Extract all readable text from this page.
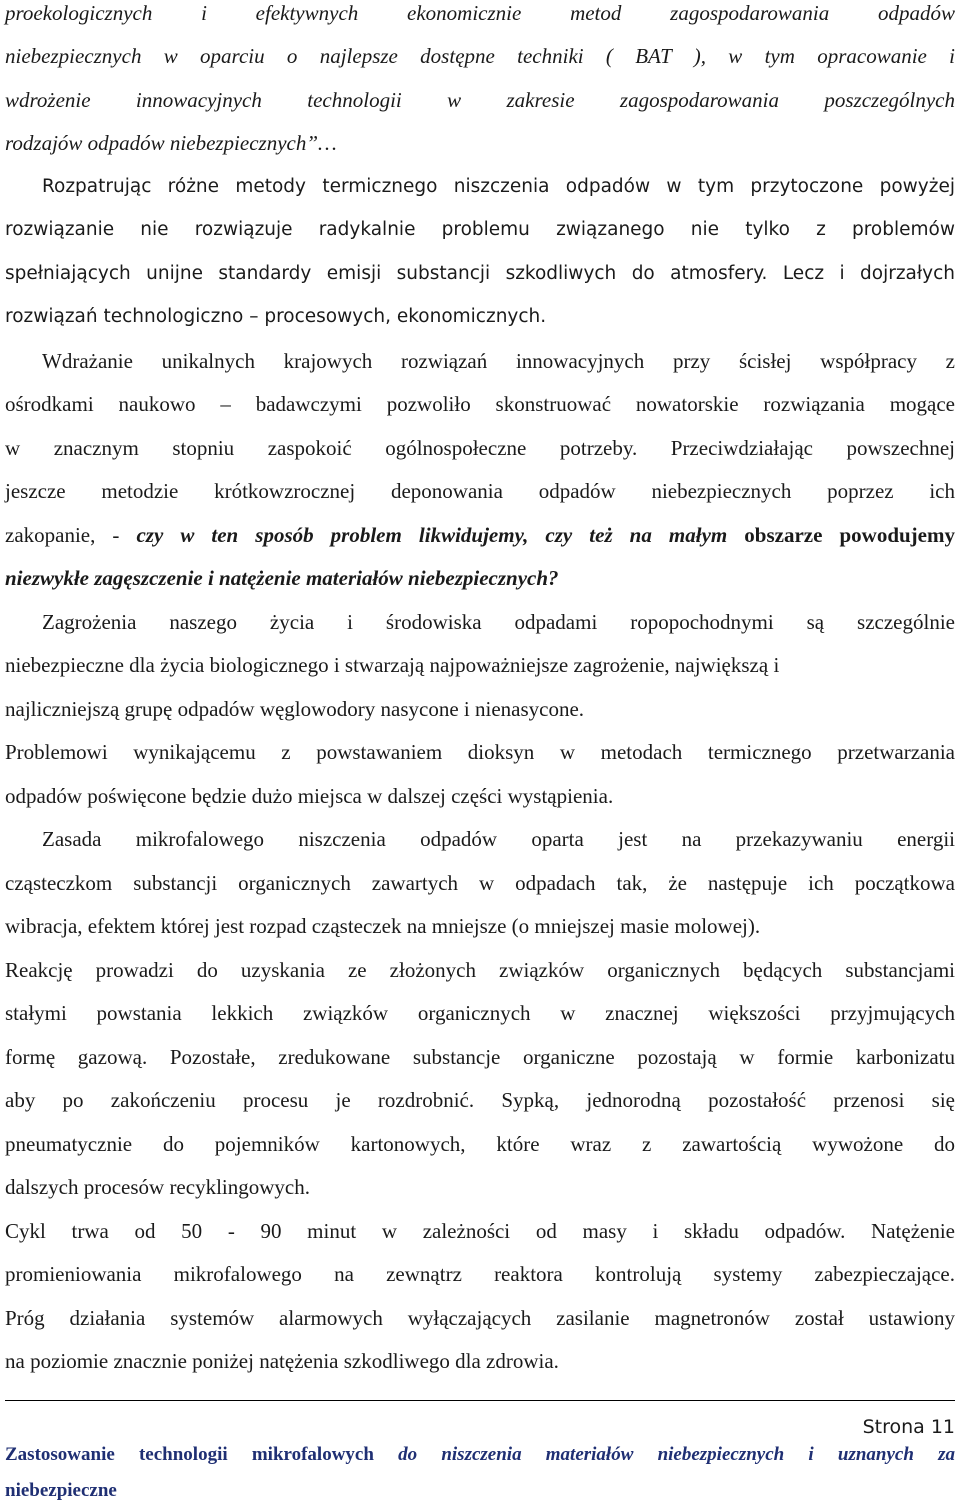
proekologicznych i efektywnych ekonomicznie metod zagospodarowania odpadów
niebezpiecznych w oparciu o najlepsze dostępne techniki ( BAT ), w tym opracowanie i
wdrożenie innowacyjnych technologii w zakresie zagospodarowania poszczególnych
rodzajów odpadów niebezpiecznych”…
Rozpatrując różne metody termicznego niszczenia odpadów w tym przytoczone powyżej
rozwiązanie nie rozwiązuje radykalnie problemu związanego nie tylko z problemów
spełniających unijne standardy emisji substancji szkodliwych do atmosfery. Lecz i dojrzałych
rozwiązań technologiczno – procesowych, ekonomicznych.
Wdrażanie unikalnych krajowych rozwiązań innowacyjnych przy ścisłej współpracy z
ośrodkami naukowo – badawczymi pozwoliło skonstruować nowatorskie rozwiązania mogące
w znacznym stopniu zaspokoić ogólnospołeczne potrzeby. Przeciwdziałając powszechnej
jeszcze metodzie krótkowzrocznej deponowania odpadów niebezpiecznych poprzez ich
zakopanie, - czy w ten sposób problem likwidujemy, czy też na małym obszarze powodujemy
niezwykłe zagęszczenie i natężenie materiałów niebezpiecznych?
Zagrożenia naszego życia i środowiska odpadami ropopochodnymi są szczególnie
niebezpieczne dla życia biologicznego i stwarzają najpoważniejsze zagrożenie, największą i
najliczniejszą grupę odpadów węglowodory nasycone i nienasycone.
Problemowi wynikającemu z powstawaniem dioksyn w metodach termicznego przetwarzania
odpadów poświęcone będzie dużo miejsca w dalszej części wystąpienia.
Zasada mikrofalowego niszczenia odpadów oparta jest na przekazywaniu energii
cząsteczkom substancji organicznych zawartych w odpadach tak, że następuje ich początkowa
wibracja, efektem której jest rozpad cząsteczek na mniejsze (o mniejszej masie molowej).
Reakcję prowadzi do uzyskania ze złożonych związków organicznych będących substancjami
stałymi powstania lekkich związków organicznych w znacznej większości przyjmujących
formę gazową. Pozostałe, zredukowane substancje organiczne pozostają w formie karbonizatu
aby po zakończeniu procesu je rozdrobnić. Sypką, jednorodną pozostałość przenosi się
pneumatycznie do pojemników kartonowych, które wraz z zawartością wywożone do
dalszych procesów recyklingowych.
Cykl trwa od 50 - 90 minut w zależności od masy i składu odpadów. Natężenie
promieniowania mikrofalowego na zewnątrz reaktora kontrolują systemy zabezpieczające.
Próg działania systemów alarmowych wyłączających zasilanie magnetronów został ustawiony
na poziomie znacznie poniżej natężenia szkodliwego dla zdrowia.
Strona 11
Zastosowanie technologii mikrofalowych do niszczenia materiałów niebezpiecznych i uznanych za
niebezpieczne
